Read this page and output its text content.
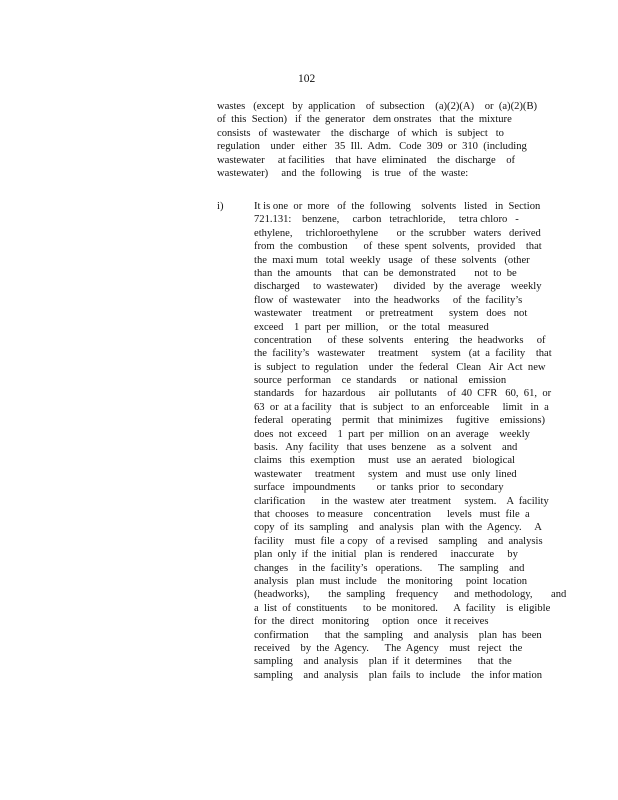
102
wastes   (except   by  application    of  subsection    (a)(2)(A)    or  (a)(2)(B)
of  this  Section)   if  the  generator   dem onstrates   that  the  mixture
consists   of  wastewater    the  discharge   of  which   is  subject   to
regulation    under   either   35  Ill.  Adm.   Code  309  or  310  (including
wastewater     at facilities    that  have  eliminated    the  discharge    of
wastewater)     and  the  following    is  true   of  the  waste:
i)	It is one  or  more   of  the  following    solvents   listed   in  Section
721.131:    benzene,     carbon   tetrachloride,     tetra chloro   -
ethylene,     trichloroethylene       or  the  scrubber   waters   derived
from  the  combustion      of  these  spent  solvents,   provided    that
the  maxi mum   total  weekly   usage   of  these  solvents   (other
than  the  amounts    that  can  be  demonstrated       not  to  be
discharged     to  wastewater)      divided   by  the  average    weekly
flow  of  wastewater     into  the  headworks     of  the  facility’s
wastewater    treatment     or  pretreatment      system   does   not
exceed    1  part  per  million,    or  the  total   measured
concentration      of  these  solvents    entering    the  headworks     of
the  facility’s   wastewater     treatment     system   (at  a  facility    that
is  subject  to  regulation    under   the  federal   Clean   Air  Act  new
source  performan    ce  standards     or  national    emission
standards    for  hazardous     air  pollutants    of  40  CFR   60,  61,  or
63  or  at a facility   that  is  subject   to  an  enforceable     limit   in  a
federal   operating    permit   that  minimizes     fugitive    emissions)
does  not  exceed    1  part  per  million   on an  average    weekly
basis.   Any  facility   that  uses  benzene    as  a  solvent    and
claims   this  exemption     must   use  an  aerated    biological
wastewater     treatment     system   and  must  use  only  lined
surface   impoundments        or  tanks  prior   to  secondary
clarification      in  the  wastew  ater  treatment     system.    A  facility
that  chooses   to measure    concentration      levels   must  file  a
copy  of  its  sampling    and  analysis   plan  with  the  Agency.     A
facility    must  file  a copy   of  a revised    sampling    and  analysis
plan  only  if  the  initial   plan  is  rendered     inaccurate     by
changes    in  the  facility’s   operations.      The  sampling    and
analysis   plan  must  include    the  monitoring     point  location
(headworks),       the  sampling    frequency      and  methodology,       and
a  list  of  constituents      to  be  monitored.      A  facility    is  eligible
for  the  direct   monitoring     option   once   it receives
confirmation      that  the  sampling    and  analysis    plan  has  been
received    by  the  Agency.      The  Agency    must   reject   the
sampling    and  analysis    plan  if  it  determines      that  the
sampling    and  analysis    plan  fails  to  include    the  infor mation
